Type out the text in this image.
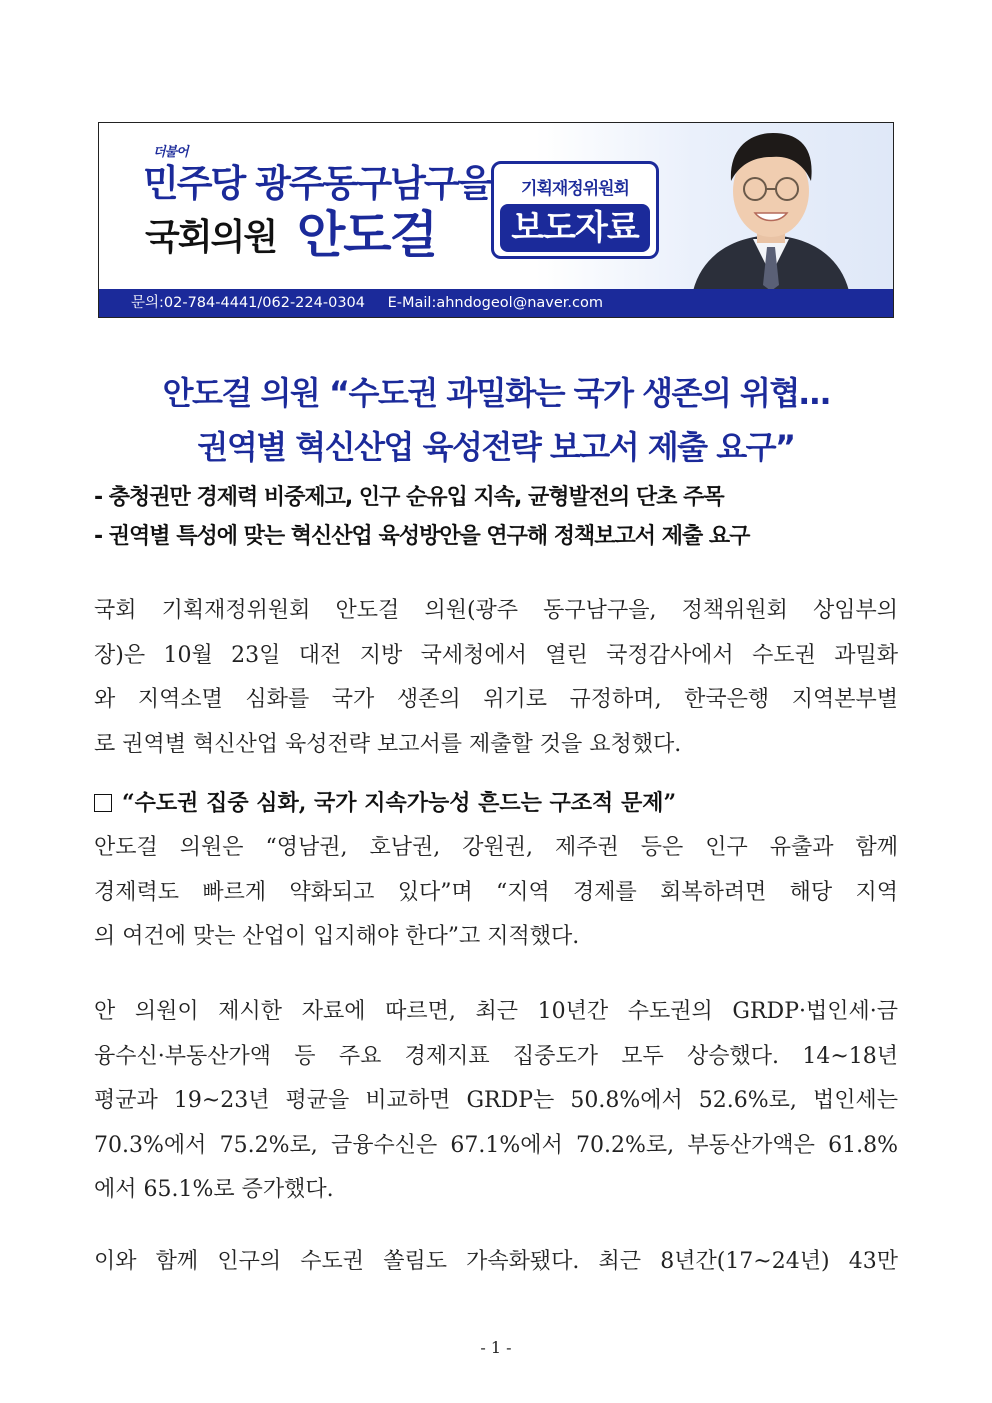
더불어
민주당 광주동구남구을
국회의원 안도걸
기획재정위원회
보도자료
문의:02-784-4441/062-224-0304 E-Mail:ahndogeol@naver.com
안도걸 의원 “수도권 과밀화는 국가 생존의 위협…
권역별 혁신산업 육성전략 보고서 제출 요구”
- 충청권만 경제력 비중제고, 인구 순유입 지속, 균형발전의 단초 주목
- 권역별 특성에 맞는 혁신산업 육성방안을 연구해 정책보고서 제출 요구
국회 기획재정위원회 안도걸 의원(광주 동구남구을, 정책위원회 상임부의
장)은 10월 23일 대전 지방 국세청에서 열린 국정감사에서 수도권 과밀화
와 지역소멸 심화를 국가 생존의 위기로 규정하며, 한국은행 지역본부별
로 권역별 혁신산업 육성전략 보고서를 제출할 것을 요청했다.
“수도권 집중 심화, 국가 지속가능성 흔드는 구조적 문제”
안도걸 의원은 “영남권, 호남권, 강원권, 제주권 등은 인구 유출과 함께
경제력도 빠르게 약화되고 있다”며 “지역 경제를 회복하려면 해당 지역
의 여건에 맞는 산업이 입지해야 한다”고 지적했다.
안 의원이 제시한 자료에 따르면, 최근 10년간 수도권의 GRDP·법인세·금
융수신·부동산가액 등 주요 경제지표 집중도가 모두 상승했다. 14~18년
평균과 19~23년 평균을 비교하면 GRDP는 50.8%에서 52.6%로, 법인세는
70.3%에서 75.2%로, 금융수신은 67.1%에서 70.2%로, 부동산가액은 61.8%
에서 65.1%로 증가했다.
이와 함께 인구의 수도권 쏠림도 가속화됐다. 최근 8년간(17~24년) 43만
- 1 -
